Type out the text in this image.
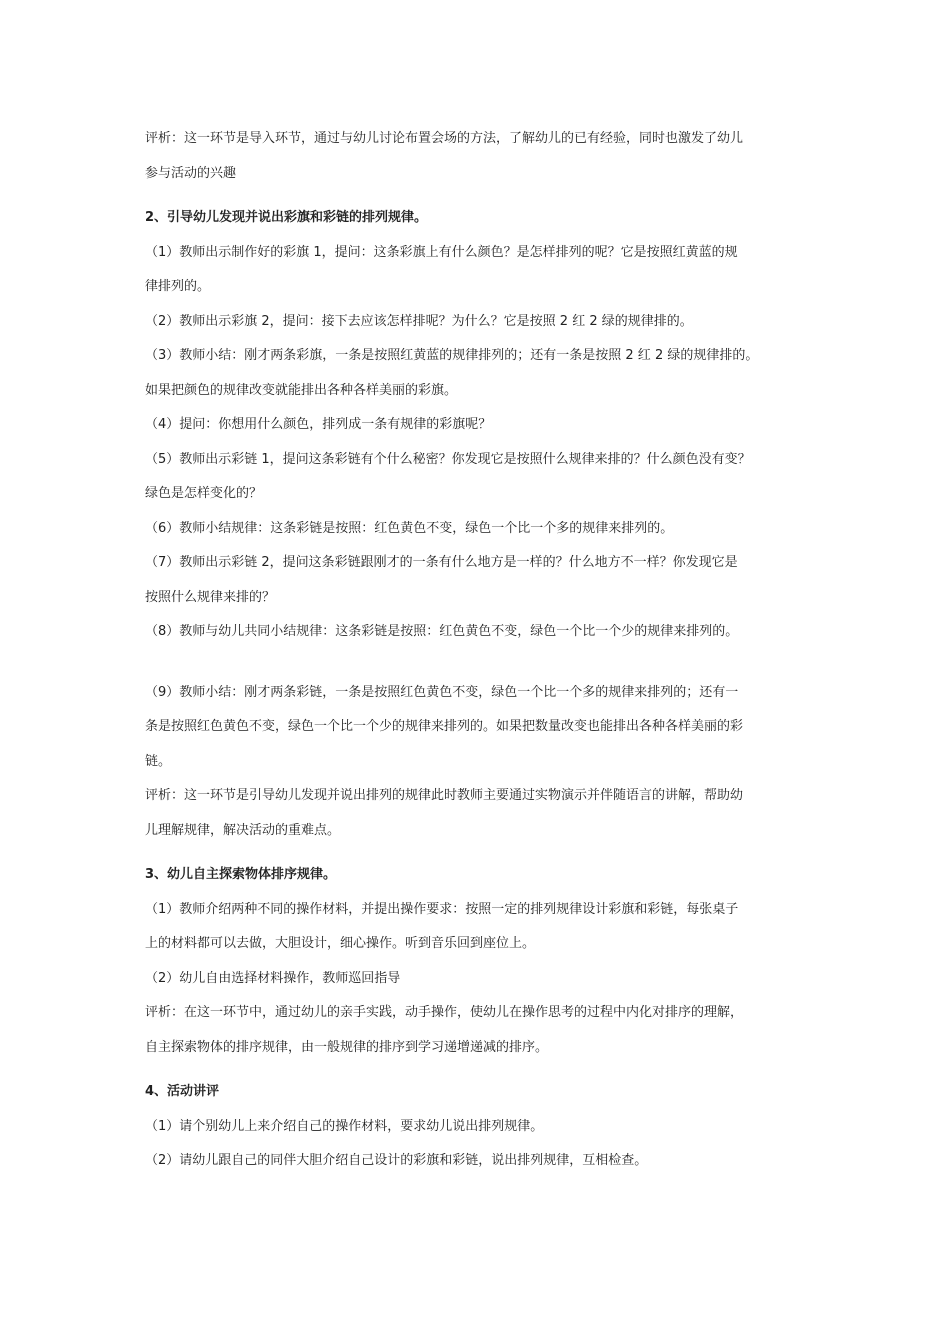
评析：这一环节是导入环节，通过与幼儿讨论布置会场的方法，了解幼儿的已有经验，同时也激发了幼儿

参与活动的兴趣

2、引导幼儿发现并说出彩旗和彩链的排列规律。

（1）教师出示制作好的彩旗 1，提问：这条彩旗上有什么颜色？是怎样排列的呢？它是按照红黄蓝的规

律排列的。

（2）教师出示彩旗 2，提问：接下去应该怎样排呢？为什么？它是按照 2 红 2 绿的规律排的。

（3）教师小结：刚才两条彩旗，一条是按照红黄蓝的规律排列的；还有一条是按照 2 红 2 绿的规律排的。

如果把颜色的规律改变就能排出各种各样美丽的彩旗。

（4）提问：你想用什么颜色，排列成一条有规律的彩旗呢？

（5）教师出示彩链 1，提问这条彩链有个什么秘密？你发现它是按照什么规律来排的？什么颜色没有变？

绿色是怎样变化的？

（6）教师小结规律：这条彩链是按照：红色黄色不变，绿色一个比一个多的规律来排列的。

（7）教师出示彩链 2，提问这条彩链跟刚才的一条有什么地方是一样的？什么地方不一样？你发现它是

按照什么规律来排的？

（8）教师与幼儿共同小结规律：这条彩链是按照：红色黄色不变，绿色一个比一个少的规律来排列的。

（9）教师小结：刚才两条彩链，一条是按照红色黄色不变，绿色一个比一个多的规律来排列的；还有一

条是按照红色黄色不变，绿色一个比一个少的规律来排列的。如果把数量改变也能排出各种各样美丽的彩

链。

评析：这一环节是引导幼儿发现并说出排列的规律此时教师主要通过实物演示并伴随语言的讲解，帮助幼

儿理解规律，解决活动的重难点。

3、幼儿自主探索物体排序规律。

（1）教师介绍两种不同的操作材料，并提出操作要求：按照一定的排列规律设计彩旗和彩链，每张桌子

上的材料都可以去做，大胆设计，细心操作。听到音乐回到座位上。

（2）幼儿自由选择材料操作，教师巡回指导

评析：在这一环节中，通过幼儿的亲手实践，动手操作，使幼儿在操作思考的过程中内化对排序的理解，

自主探索物体的排序规律，由一般规律的排序到学习递增递减的排序。

4、活动讲评

（1）请个别幼儿上来介绍自己的操作材料，要求幼儿说出排列规律。

（2）请幼儿跟自己的同伴大胆介绍自己设计的彩旗和彩链，说出排列规律，互相检查。
